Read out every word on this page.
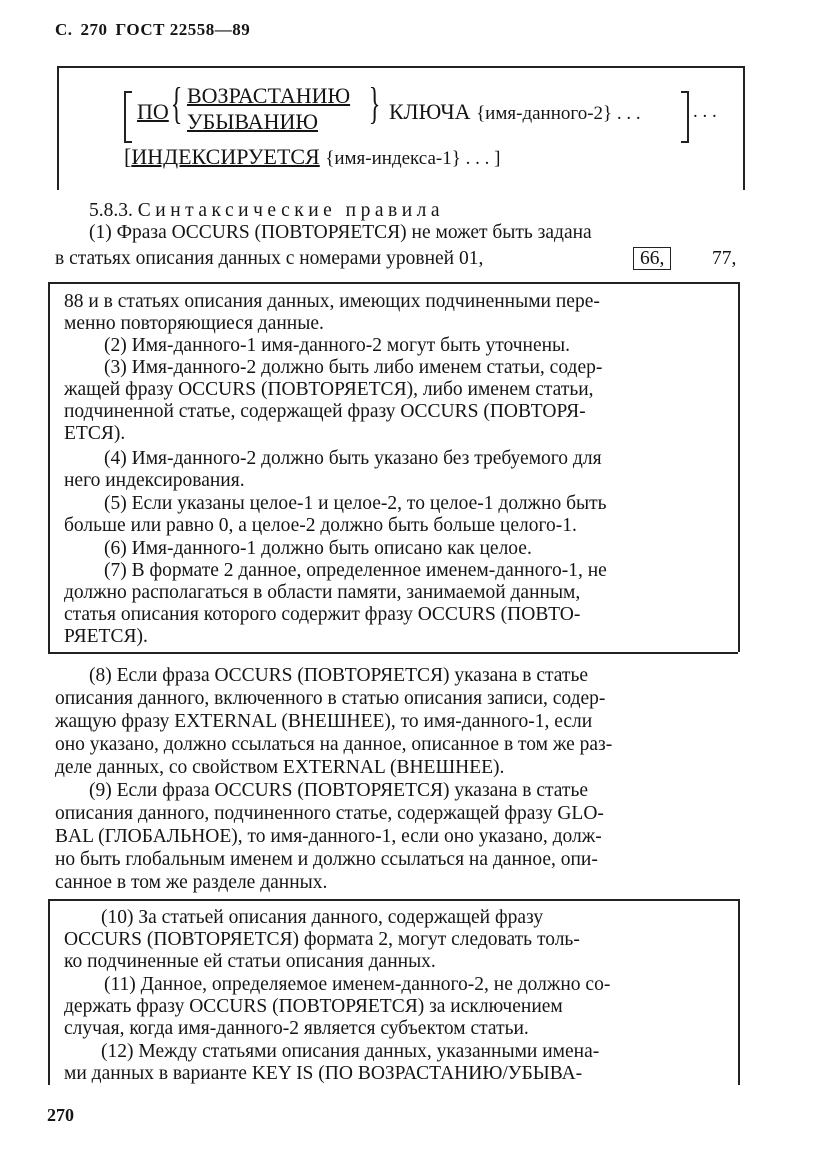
С. 270 ГОСТ 22558—89
ПО { ВОЗРАСТАНИЮ
УБЫВАНИЮ } КЛЮЧА {имя-данного-2} . . .	. . .
[ИНДЕКСИРУЕТСЯ {имя-индекса-1} . . . ]
5.8.3. Синтаксические правила
(1) Фраза OCCURS (ПОВТОРЯЕТСЯ) не может быть задана
в статьях описания данных с номерами уровней 01,	66,	77,
88 и в статьях описания данных, имеющих подчиненными пере-
менно повторяющиеся данные.
(2) Имя-данного-1 имя-данного-2 могут быть уточнены.
(3) Имя-данного-2 должно быть либо именем статьи, содер-
жащей фразу OCCURS (ПОВТОРЯЕТСЯ), либо именем статьи,
подчиненной статье, содержащей фразу OCCURS (ПОВТОРЯ-
ЕТСЯ).
(4) Имя-данного-2 должно быть указано без требуемого для
него индексирования.
(5) Если указаны целое-1 и целое-2, то целое-1 должно быть
больше или равно 0, а целое-2 должно быть больше целого-1.
(6) Имя-данного-1 должно быть описано как целое.
(7) В формате 2 данное, определенное именем-данного-1, не
должно располагаться в области памяти, занимаемой данным,
статья описания которого содержит фразу OCCURS (ПОВТО-
РЯЕТСЯ).
(8) Если фраза OCCURS (ПОВТОРЯЕТСЯ) указана в статье
описания данного, включенного в статью описания записи, содер-
жащую фразу EXTERNAL (ВНЕШНЕЕ), то имя-данного-1, если
оно указано, должно ссылаться на данное, описанное в том же раз-
деле данных, со свойством EXTERNAL (ВНЕШНЕЕ).
(9) Если фраза OCCURS (ПОВТОРЯЕТСЯ) указана в статье
описания данного, подчиненного статье, содержащей фразу GLO-
BAL (ГЛОБАЛЬНОЕ), то имя-данного-1, если оно указано, долж-
но быть глобальным именем и должно ссылаться на данное, опи-
санное в том же разделе данных.
(10) За статьей описания данного, содержащей фразу
OCCURS (ПОВТОРЯЕТСЯ) формата 2, могут следовать толь-
ко подчиненные ей статьи описания данных.
(11) Данное, определяемое именем-данного-2, не должно со-
держать фразу OCCURS (ПОВТОРЯЕТСЯ) за исключением
случая, когда имя-данного-2 является субъектом статьи.
(12) Между статьями описания данных, указанными имена-
ми данных в варианте KEY IS (ПО ВОЗРАСТАНИЮ/УБЫВА-
270
